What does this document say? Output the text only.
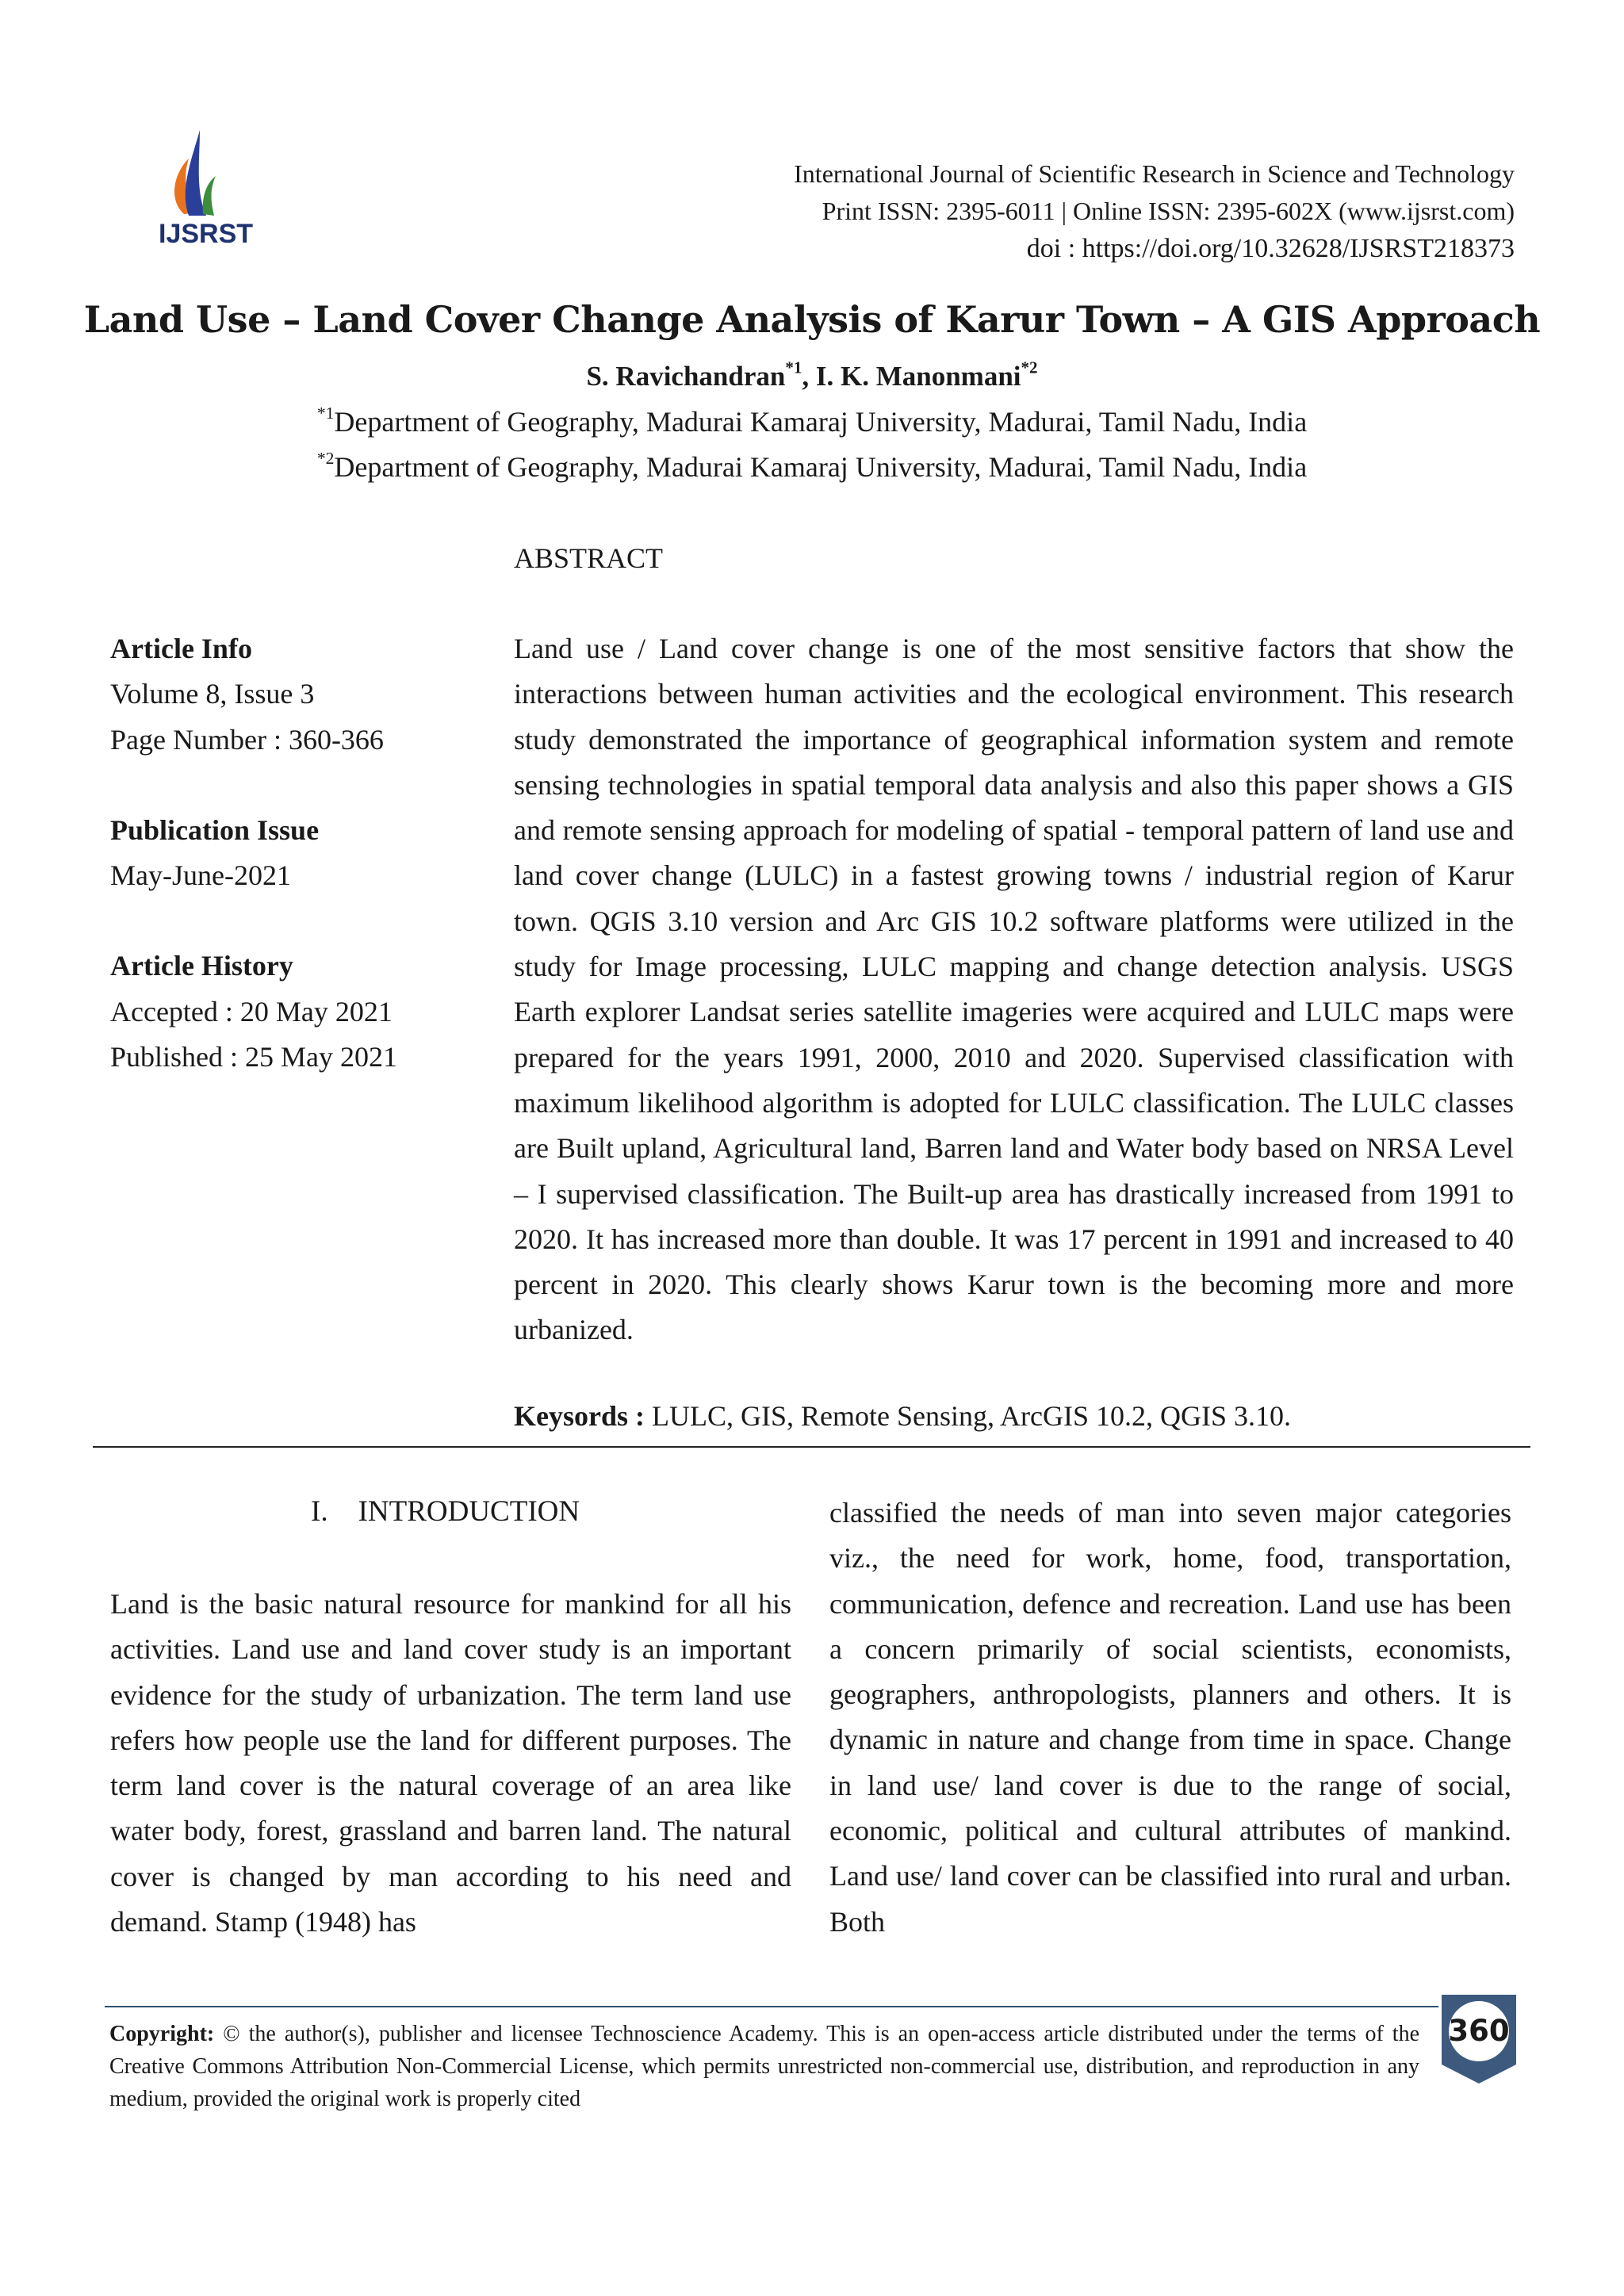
IJSRST
International Journal of Scientific Research in Science and Technology
Print ISSN: 2395-6011 | Online ISSN: 2395-602X (www.ijsrst.com)
doi : https://doi.org/10.32628/IJSRST218373
Land Use – Land Cover Change Analysis of Karur Town – A GIS Approach
S. Ravichandran$^{*1}$, I. K. Manonmani$^{*2}$
$^{*1}$Department of Geography, Madurai Kamaraj University, Madurai, Tamil Nadu, India
$^{*2}$Department of Geography, Madurai Kamaraj University, Madurai, Tamil Nadu, India
ABSTRACT
Article Info
Volume 8, Issue 3
Page Number : 360-366
Publication Issue
May-June-2021
Article History
Accepted : 20 May 2021
Published : 25 May 2021
Land use / Land cover change is one of the most sensitive factors that show the interactions between human activities and the ecological environment. This research study demonstrated the importance of geographical information system and remote sensing technologies in spatial temporal data analysis and also this paper shows a GIS and remote sensing approach for modeling of spatial - temporal pattern of land use and land cover change (LULC) in a fastest growing towns / industrial region of Karur town. QGIS 3.10 version and Arc GIS 10.2 software platforms were utilized in the study for Image processing, LULC mapping and change detection analysis. USGS Earth explorer Landsat series satellite imageries were acquired and LULC maps were prepared for the years 1991, 2000, 2010 and 2020. Supervised classification with maximum likelihood algorithm is adopted for LULC classification. The LULC classes are Built upland, Agricultural land, Barren land and Water body based on NRSA Level – I supervised classification. The Built-up area has drastically increased from 1991 to 2020. It has increased more than double. It was 17 percent in 1991 and increased to 40 percent in 2020. This clearly shows Karur town is the becoming more and more urbanized.
Keysords : LULC, GIS, Remote Sensing, ArcGIS 10.2, QGIS 3.10.
I. INTRODUCTION
Land is the basic natural resource for mankind for all his activities. Land use and land cover study is an important evidence for the study of urbanization. The term land use refers how people use the land for different purposes. The term land cover is the natural coverage of an area like water body, forest, grassland and barren land. The natural cover is changed by man according to his need and demand. Stamp (1948) has
classified the needs of man into seven major categories viz., the need for work, home, food, transportation, communication, defence and recreation. Land use has been a concern primarily of social scientists, economists, geographers, anthropologists, planners and others. It is dynamic in nature and change from time in space. Change in land use/ land cover is due to the range of social, economic, political and cultural attributes of mankind. Land use/ land cover can be classified into rural and urban. Both
Copyright: © the author(s), publisher and licensee Technoscience Academy. This is an open-access article distributed under the terms of the Creative Commons Attribution Non-Commercial License, which permits unrestricted non-commercial use, distribution, and reproduction in any medium, provided the original work is properly cited
360
